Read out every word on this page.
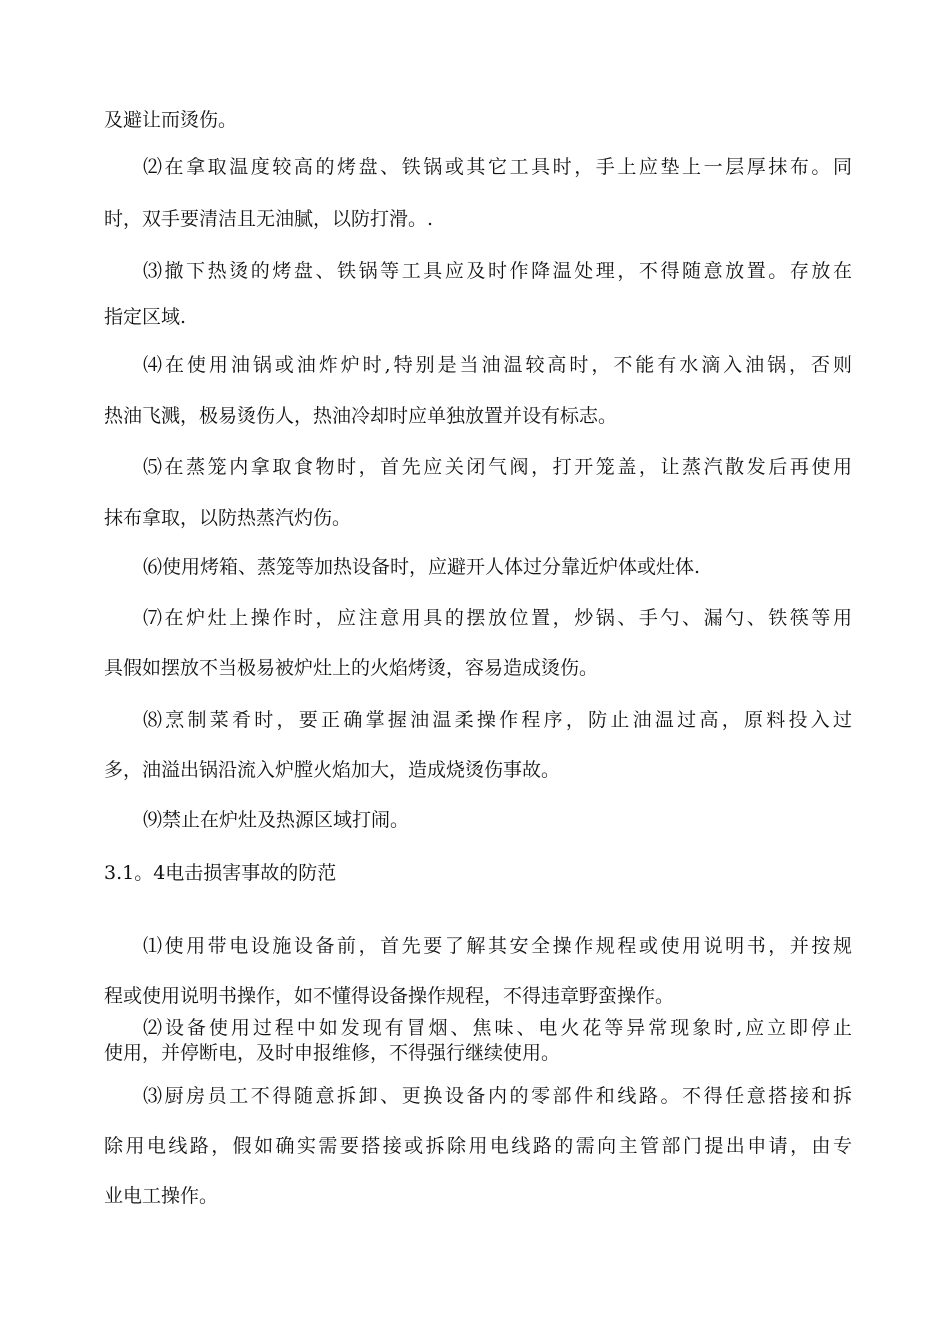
及避让而烫伤。
⑵在拿取温度较高的烤盘、铁锅或其它工具时，手上应垫上一层厚抹布。同
时，双手要清洁且无油腻，以防打滑。.
⑶撤下热烫的烤盘、铁锅等工具应及时作降温处理，不得随意放置。存放在
指定区域.
⑷在使用油锅或油炸炉时,特别是当油温较高时，不能有水滴入油锅，否则
热油飞溅，极易烫伤人，热油冷却时应单独放置并设有标志。
⑸在蒸笼内拿取食物时，首先应关闭气阀，打开笼盖，让蒸汽散发后再使用
抹布拿取，以防热蒸汽灼伤。
⑹使用烤箱、蒸笼等加热设备时，应避开人体过分靠近炉体或灶体.
⑺在炉灶上操作时，应注意用具的摆放位置，炒锅、手勺、漏勺、铁筷等用
具假如摆放不当极易被炉灶上的火焰烤烫，容易造成烫伤。
⑻烹制菜肴时，要正确掌握油温柔操作程序，防止油温过高，原料投入过
多，油溢出锅沿流入炉膛火焰加大，造成烧烫伤事故。
⑼禁止在炉灶及热源区域打闹。
3.1。4电击损害事故的防范
⑴使用带电设施设备前，首先要了解其安全操作规程或使用说明书，并按规
程或使用说明书操作，如不懂得设备操作规程，不得违章野蛮操作。
⑵设备使用过程中如发现有冒烟、焦味、电火花等异常现象时,应立即停止
使用，并停断电，及时申报维修，不得强行继续使用。
⑶厨房员工不得随意拆卸、更换设备内的零部件和线路。不得任意搭接和拆
除用电线路，假如确实需要搭接或拆除用电线路的需向主管部门提出申请，由专
业电工操作。
